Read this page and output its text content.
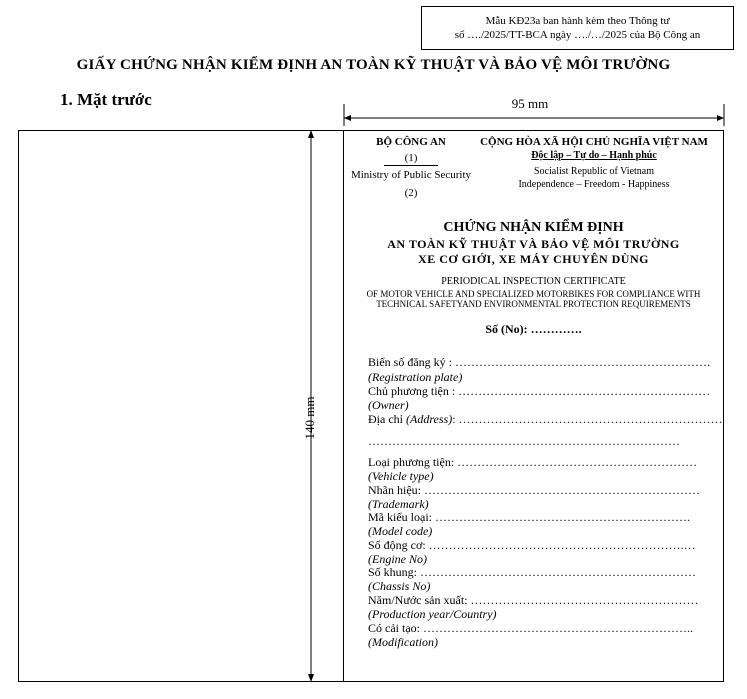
Mẫu KĐ23a ban hành kèm theo Thông tư
số …./2025/TT-BCA ngày …./…/2025 của Bộ Công an
GIẤY CHỨNG NHẬN KIỂM ĐỊNH AN TOÀN KỸ THUẬT VÀ BẢO VỆ MÔI TRƯỜNG
1. Mặt trước	95 mm
140 mm
BỘ CÔNG AN
(1)
Ministry of Public Security
(2)
CỘNG HÒA XÃ HỘI CHỦ NGHĨA VIỆT NAM
Độc lập – Tự do – Hạnh phúc
Socialist Republic of Vietnam
Independence – Freedom - Happiness
CHỨNG NHẬN KIỂM ĐỊNH
AN TOÀN KỸ THUẬT VÀ BẢO VỆ MÔI TRƯỜNG
XE CƠ GIỚI, XE MÁY CHUYÊN DÙNG
PERIODICAL INSPECTION CERTIFICATE
OF MOTOR VEHICLE AND SPECIALIZED MOTORBIKES FOR COMPLIANCE WITH
TECHNICAL SAFETYAND ENVIRONMENTAL PROTECTION REQUIREMENTS
Số (No): ………….
Biển số đăng ký : ……………………………………………………….
(Registration plate)
Chủ phương tiện : ………………………………………………………
(Owner)
Địa chỉ (Address): …………………………………………………………
……………………………………………………………………
Loại phương tiện: ……………………………………………………
(Vehicle type)
Nhãn hiệu: ……………………………………………………………
(Trademark)
Mã kiểu loại: ……………………………………………………….
(Model code)
Số động cơ: ……………………………………………………….…
(Engine No)
Số khung: ……………………………………………………………
(Chassis No)
Năm/Nước sản xuất: …………………………………………………
(Production year/Country)
Có cải tạo: …………………………………………………………..
(Modification)
